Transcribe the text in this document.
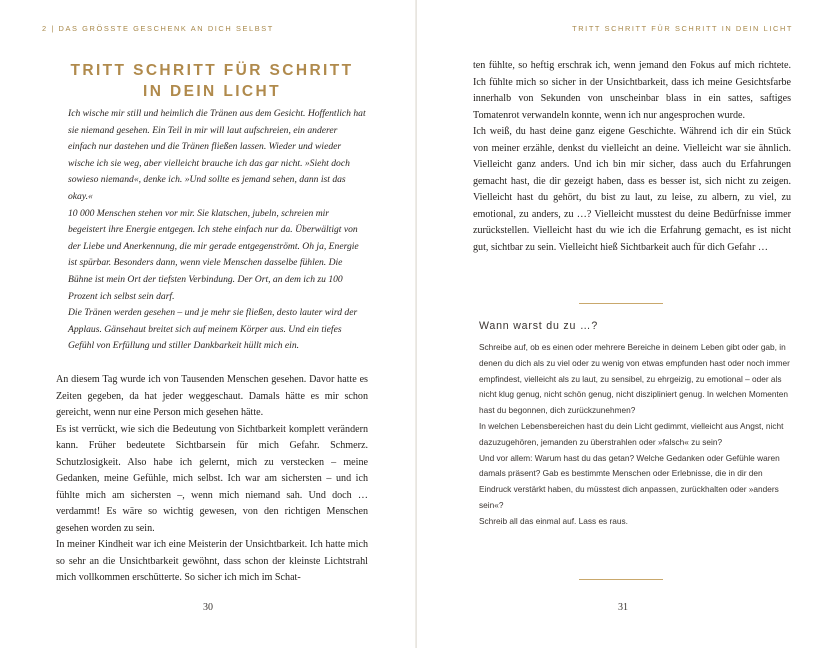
2 | DAS GRÖSSTE GESCHENK AN DICH SELBST
TRITT SCHRITT FÜR SCHRITT
IN DEIN LICHT

Ich wische mir still und heimlich die Tränen aus dem Gesicht. Hoffentlich hat sie niemand gesehen. Ein Teil in mir will laut aufschreien, ein anderer einfach nur dastehen und die Tränen fließen lassen. Wieder und wieder wische ich sie weg, aber vielleicht brauche ich das gar nicht. »Sieht doch sowieso niemand«, denke ich. »Und sollte es jemand sehen, dann ist das okay.«

10 000 Menschen stehen vor mir. Sie klatschen, jubeln, schreien mir begeistert ihre Energie entgegen. Ich stehe einfach nur da. Überwältigt von der Liebe und Anerkennung, die mir gerade entgegenströmt. Oh ja, Energie ist spürbar. Besonders dann, wenn viele Menschen dasselbe fühlen. Die Bühne ist mein Ort der tiefsten Verbindung. Der Ort, an dem ich zu 100 Prozent ich selbst sein darf.

Die Tränen werden gesehen – und je mehr sie fließen, desto lauter wird der Applaus. Gänsehaut breitet sich auf meinem Körper aus. Und ein tiefes Gefühl von Erfüllung und stiller Dankbarkeit hüllt mich ein.

An diesem Tag wurde ich von Tausenden Menschen gesehen. Davor hatte es Zeiten gegeben, da hat jeder weggeschaut. Damals hätte es mir schon gereicht, wenn nur eine Person mich gesehen hätte.

Es ist verrückt, wie sich die Bedeutung von Sichtbarkeit komplett verändern kann. Früher bedeutete Sichtbarsein für mich Gefahr. Schmerz. Schutzlosigkeit. Also habe ich gelernt, mich zu verstecken – meine Gedanken, meine Gefühle, mich selbst. Ich war am sichersten – und ich fühlte mich am sichersten –, wenn mich niemand sah. Und doch … verdammt! Es wäre so wichtig gewesen, von den richtigen Menschen gesehen worden zu sein.

In meiner Kindheit war ich eine Meisterin der Unsichtbarkeit. Ich hatte mich so sehr an die Unsichtbarkeit gewöhnt, dass schon der kleinste Lichtstrahl mich vollkommen erschütterte. So sicher ich mich im Schat-

30
TRITT SCHRITT FÜR SCHRITT IN DEIN LICHT

ten fühlte, so heftig erschrak ich, wenn jemand den Fokus auf mich richtete. Ich fühlte mich so sicher in der Unsichtbarkeit, dass ich meine Gesichtsfarbe innerhalb von Sekunden von unscheinbar blass in ein sattes, saftiges Tomatenrot verwandeln konnte, wenn ich nur angesprochen wurde.

Ich weiß, du hast deine ganz eigene Geschichte. Während ich dir ein Stück von meiner erzähle, denkst du vielleicht an deine. Vielleicht war sie ähnlich. Vielleicht ganz anders. Und ich bin mir sicher, dass auch du Erfahrungen gemacht hast, die dir gezeigt haben, dass es besser ist, sich nicht zu zeigen. Vielleicht hast du gehört, du bist zu laut, zu leise, zu albern, zu viel, zu emotional, zu anders, zu …? Vielleicht musstest du deine Bedürfnisse immer zurückstellen. Vielleicht hast du wie ich die Erfahrung gemacht, es ist nicht gut, sichtbar zu sein. Vielleicht hieß Sichtbarkeit auch für dich Gefahr …

Wann warst du zu …?

Schreibe auf, ob es einen oder mehrere Bereiche in deinem Leben gibt oder gab, in denen du dich als zu viel oder zu wenig von etwas empfunden hast oder noch immer empfindest, vielleicht als zu laut, zu sensibel, zu ehrgeizig, zu emotional – oder als nicht klug genug, nicht schön genug, nicht diszipliniert genug. In welchen Momenten hast du begonnen, dich zurückzunehmen?

In welchen Lebensbereichen hast du dein Licht gedimmt, vielleicht aus Angst, nicht dazuzugehören, jemanden zu überstrahlen oder »falsch« zu sein?

Und vor allem: Warum hast du das getan? Welche Gedanken oder Gefühle waren damals präsent? Gab es bestimmte Menschen oder Erlebnisse, die in dir den Eindruck verstärkt haben, du müsstest dich anpassen, zurückhalten oder »anders sein«?

Schreib all das einmal auf. Lass es raus.

31
